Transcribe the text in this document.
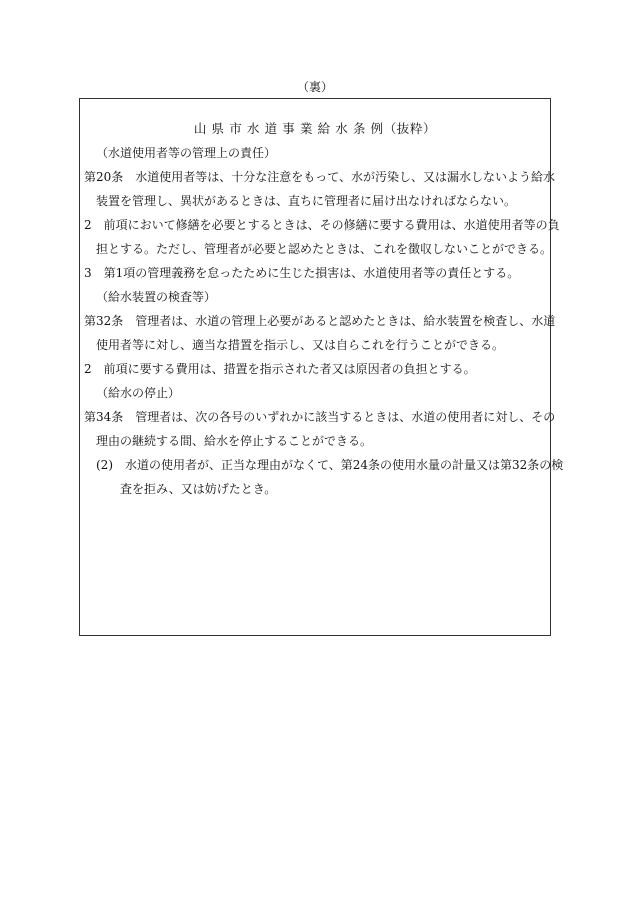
（裏）
山 県 市 水 道 事 業 給 水 条 例（抜粋）
（水道使用者等の管理上の責任）
第20条　水道使用者等は、十分な注意をもって、水が汚染し、又は漏水しないよう給水
装置を管理し、異状があるときは、直ちに管理者に届け出なければならない。
2　前項において修繕を必要とするときは、その修繕に要する費用は、水道使用者等の負
担とする。ただし、管理者が必要と認めたときは、これを徴収しないことができる。
3　第1項の管理義務を怠ったために生じた損害は、水道使用者等の責任とする。
（給水装置の検査等）
第32条　管理者は、水道の管理上必要があると認めたときは、給水装置を検査し、水道
使用者等に対し、適当な措置を指示し、又は自らこれを行うことができる。
2　前項に要する費用は、措置を指示された者又は原因者の負担とする。
（給水の停止）
第34条　管理者は、次の各号のいずれかに該当するときは、水道の使用者に対し、その
理由の継続する間、給水を停止することができる。
(2)　水道の使用者が、正当な理由がなくて、第24条の使用水量の計量又は第32条の検
査を拒み、又は妨げたとき。
